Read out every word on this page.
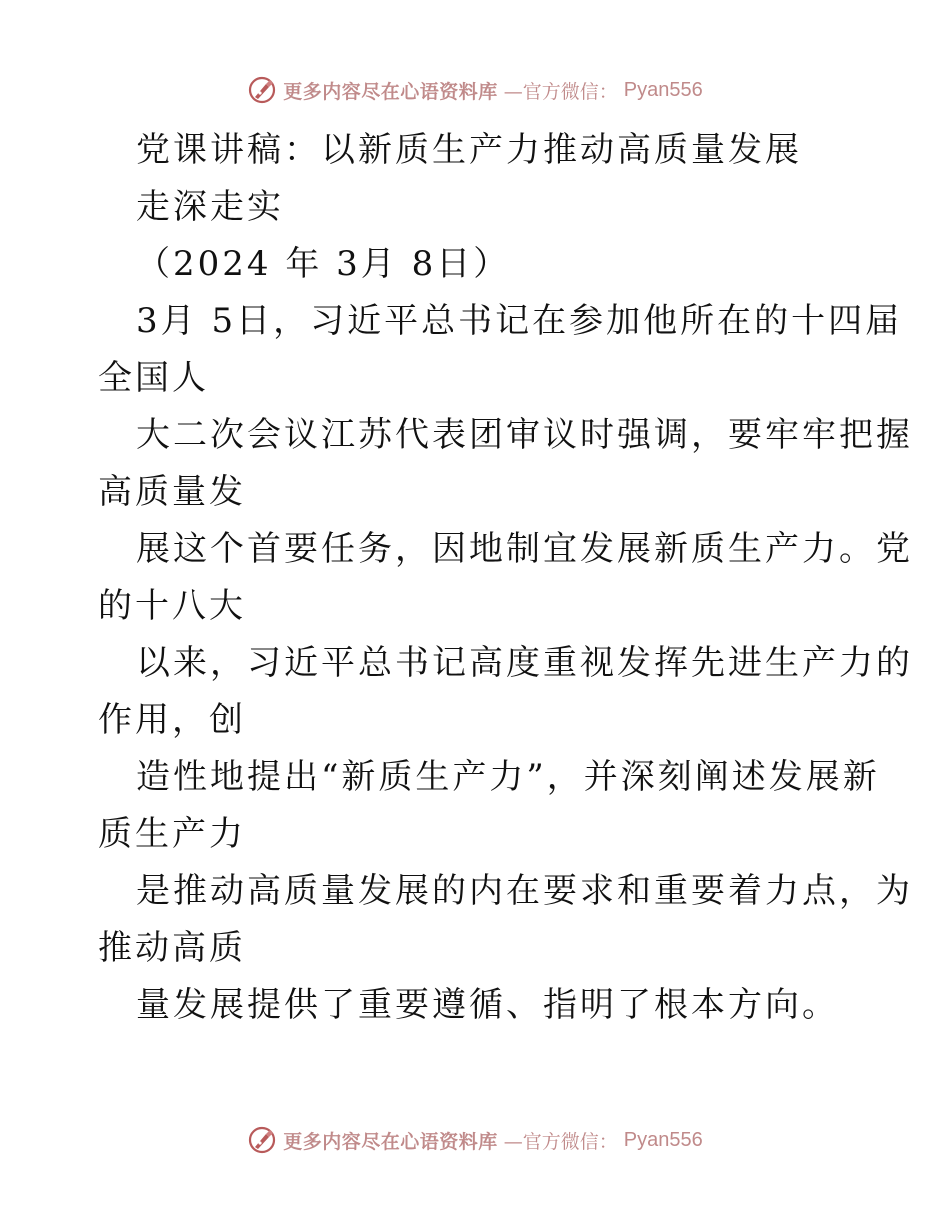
更多内容尽在心语资料库 —官方微信： Pyan556
党课讲稿：以新质生产力推动高质量发展
走深走实
（2024 年 3月 8日）
3月 5日，习近平总书记在参加他所在的十四届
全国人
大二次会议江苏代表团审议时强调，要牢牢把握
高质量发
展这个首要任务，因地制宜发展新质生产力。党
的十八大
以来，习近平总书记高度重视发挥先进生产力的
作用，创
造性地提出“新质生产力”，并深刻阐述发展新
质生产力
是推动高质量发展的内在要求和重要着力点，为
推动高质
量发展提供了重要遵循、指明了根本方向。
更多内容尽在心语资料库 —官方微信： Pyan556
